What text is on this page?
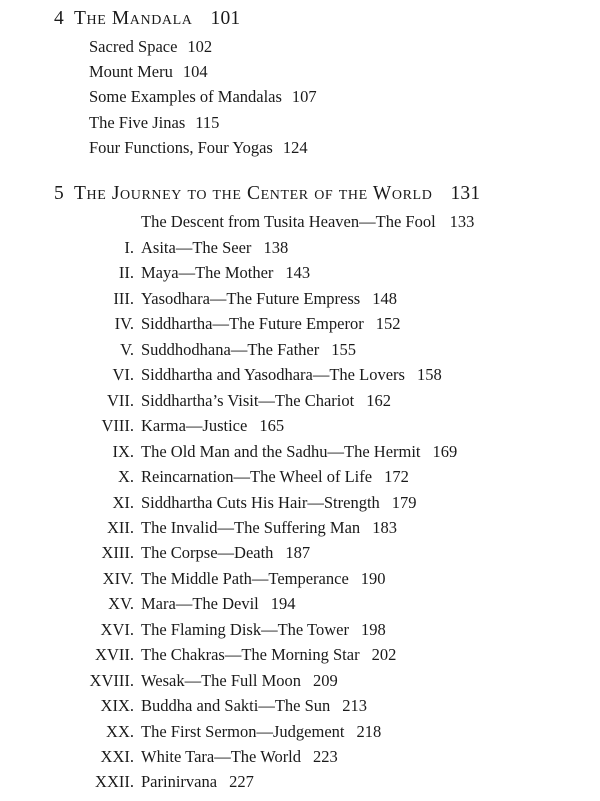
4 The Mandala 101
Sacred Space 102
Mount Meru 104
Some Examples of Mandalas 107
The Five Jinas 115
Four Functions, Four Yogas 124
5 The Journey to the Center of the World 131
The Descent from Tusita Heaven—The Fool 133
I. Asita—The Seer 138
II. Maya—The Mother 143
III. Yasodhara—The Future Empress 148
IV. Siddhartha—The Future Emperor 152
V. Suddhodhana—The Father 155
VI. Siddhartha and Yasodhara—The Lovers 158
VII. Siddhartha’s Visit—The Chariot 162
VIII. Karma—Justice 165
IX. The Old Man and the Sadhu—The Hermit 169
X. Reincarnation—The Wheel of Life 172
XI. Siddhartha Cuts His Hair—Strength 179
XII. The Invalid—The Suffering Man 183
XIII. The Corpse—Death 187
XIV. The Middle Path—Temperance 190
XV. Mara—The Devil 194
XVI. The Flaming Disk—The Tower 198
XVII. The Chakras—The Morning Star 202
XVIII. Wesak—The Full Moon 209
XIX. Buddha and Sakti—The Sun 213
XX. The First Sermon—Judgement 218
XXI. White Tara—The World 223
XXII. Parinirvana 227
